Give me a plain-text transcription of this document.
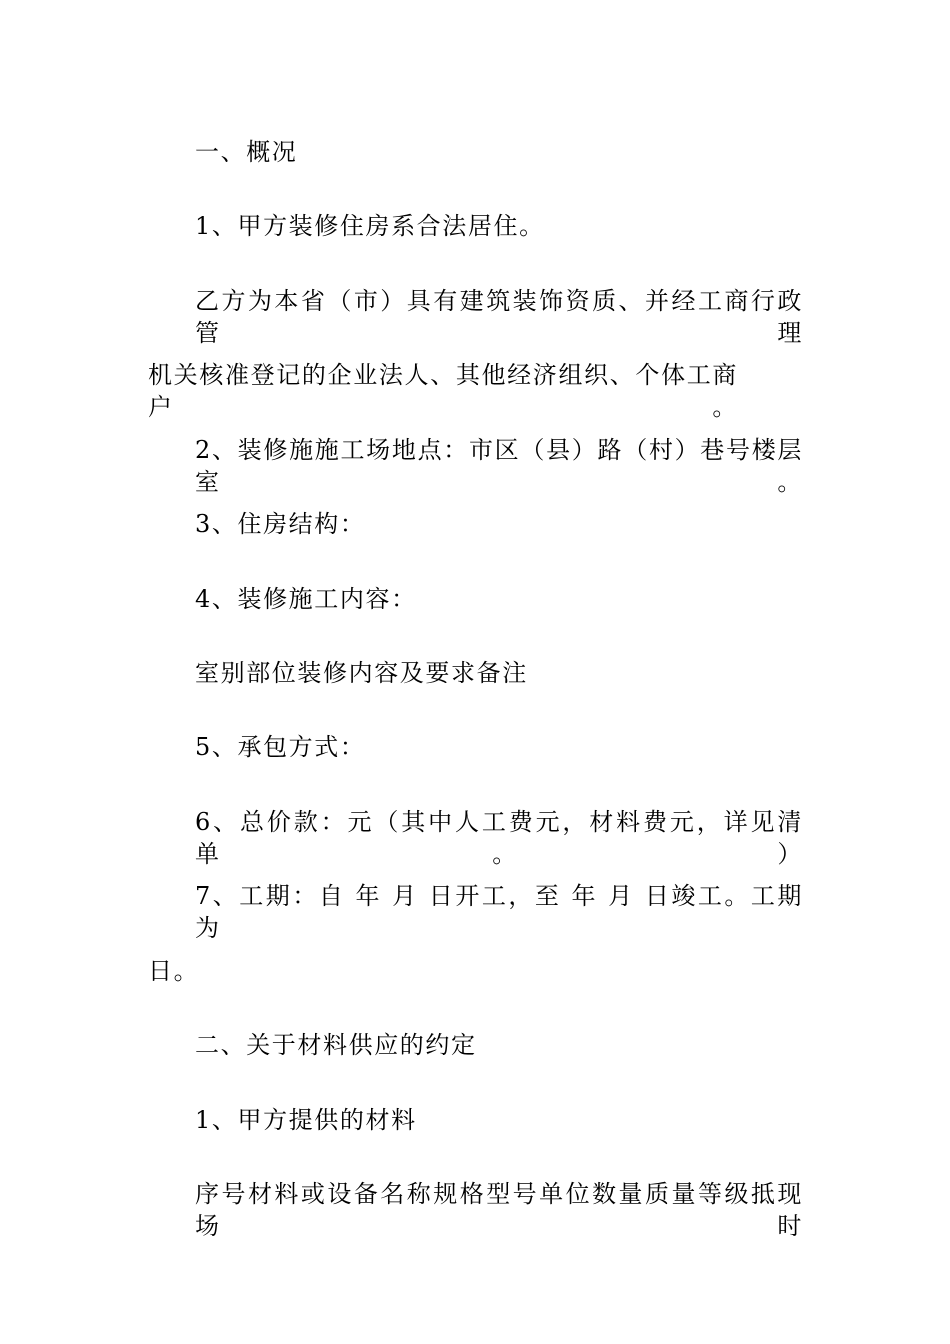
一、概况
1、甲方装修住房系合法居住。
乙方为本省（市）具有建筑装饰资质、并经工商行政管理
机关核准登记的企业法人、其他经济组织、个体工商户。
2、装修施施工场地点：市区（县）路（村）巷号楼层室。
3、住房结构：
4、装修施工内容：
室别部位装修内容及要求备注
5、承包方式：
6、总价款：元（其中人工费元，材料费元，详见清单。）
7、工期：自 年 月 日开工，至 年 月 日竣工。工期为
日。
二、关于材料供应的约定
1、甲方提供的材料
序号材料或设备名称规格型号单位数量质量等级抵现场时
